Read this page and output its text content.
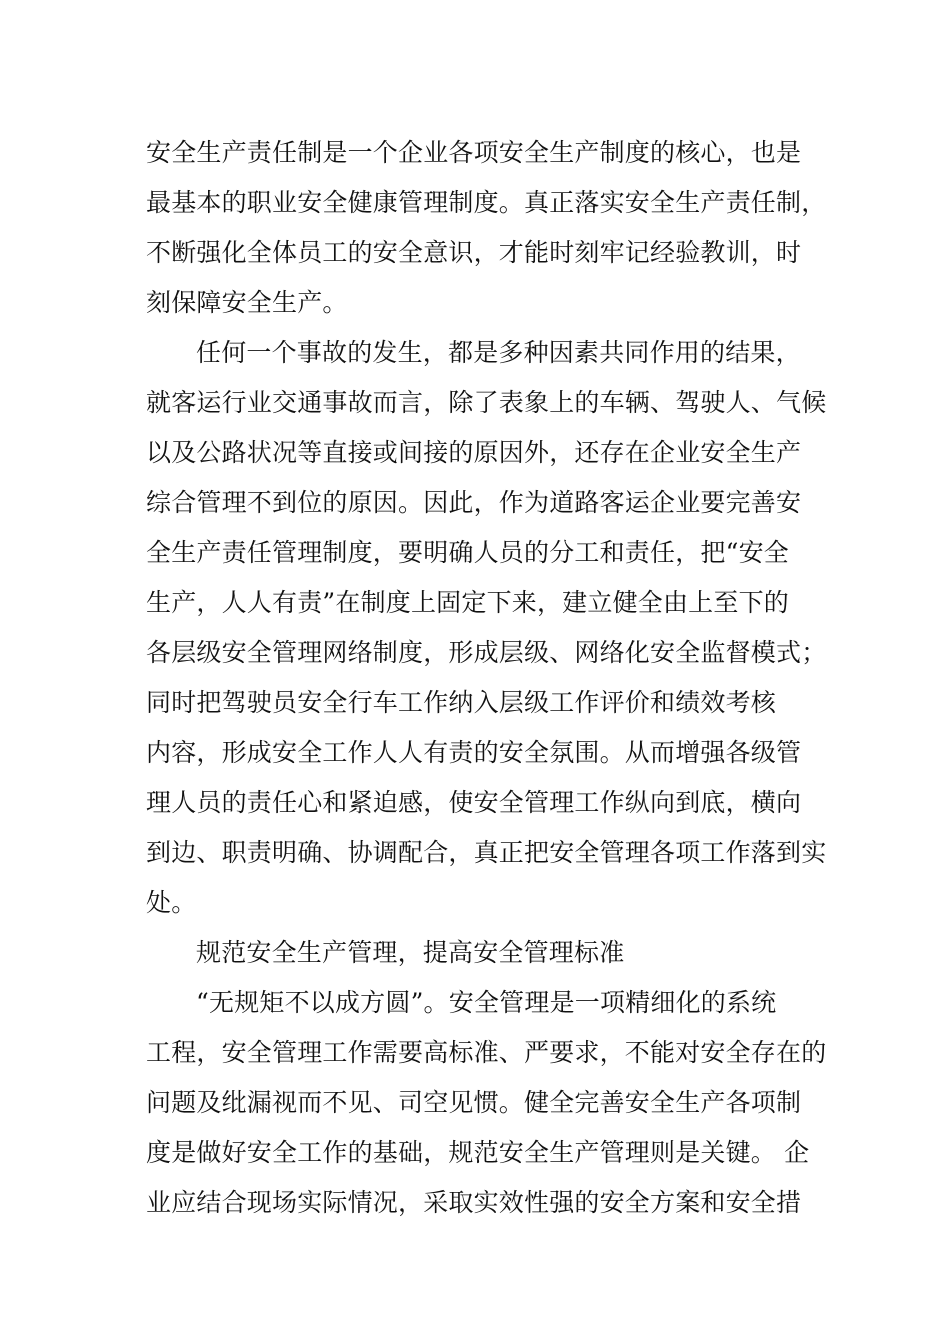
安全生产责任制是一个企业各项安全生产制度的核心，也是
最基本的职业安全健康管理制度。真正落实安全生产责任制，
不断强化全体员工的安全意识，才能时刻牢记经验教训，时
刻保障安全生产。
任何一个事故的发生，都是多种因素共同作用的结果，
就客运行业交通事故而言，除了表象上的车辆、驾驶人、气候
以及公路状况等直接或间接的原因外，还存在企业安全生产
综合管理不到位的原因。因此，作为道路客运企业要完善安
全生产责任管理制度，要明确人员的分工和责任，把“安全
生产，人人有责”在制度上固定下来，建立健全由上至下的
各层级安全管理网络制度，形成层级、网络化安全监督模式；
同时把驾驶员安全行车工作纳入层级工作评价和绩效考核
内容，形成安全工作人人有责的安全氛围。从而增强各级管
理人员的责任心和紧迫感，使安全管理工作纵向到底，横向
到边、职责明确、协调配合，真正把安全管理各项工作落到实
处。
规范安全生产管理，提高安全管理标准
“无规矩不以成方圆”。安全管理是一项精细化的系统
工程，安全管理工作需要高标准、严要求，不能对安全存在的
问题及纰漏视而不见、司空见惯。健全完善安全生产各项制
度是做好安全工作的基础，规范安全生产管理则是关键。 企
业应结合现场实际情况，采取实效性强的安全方案和安全措
